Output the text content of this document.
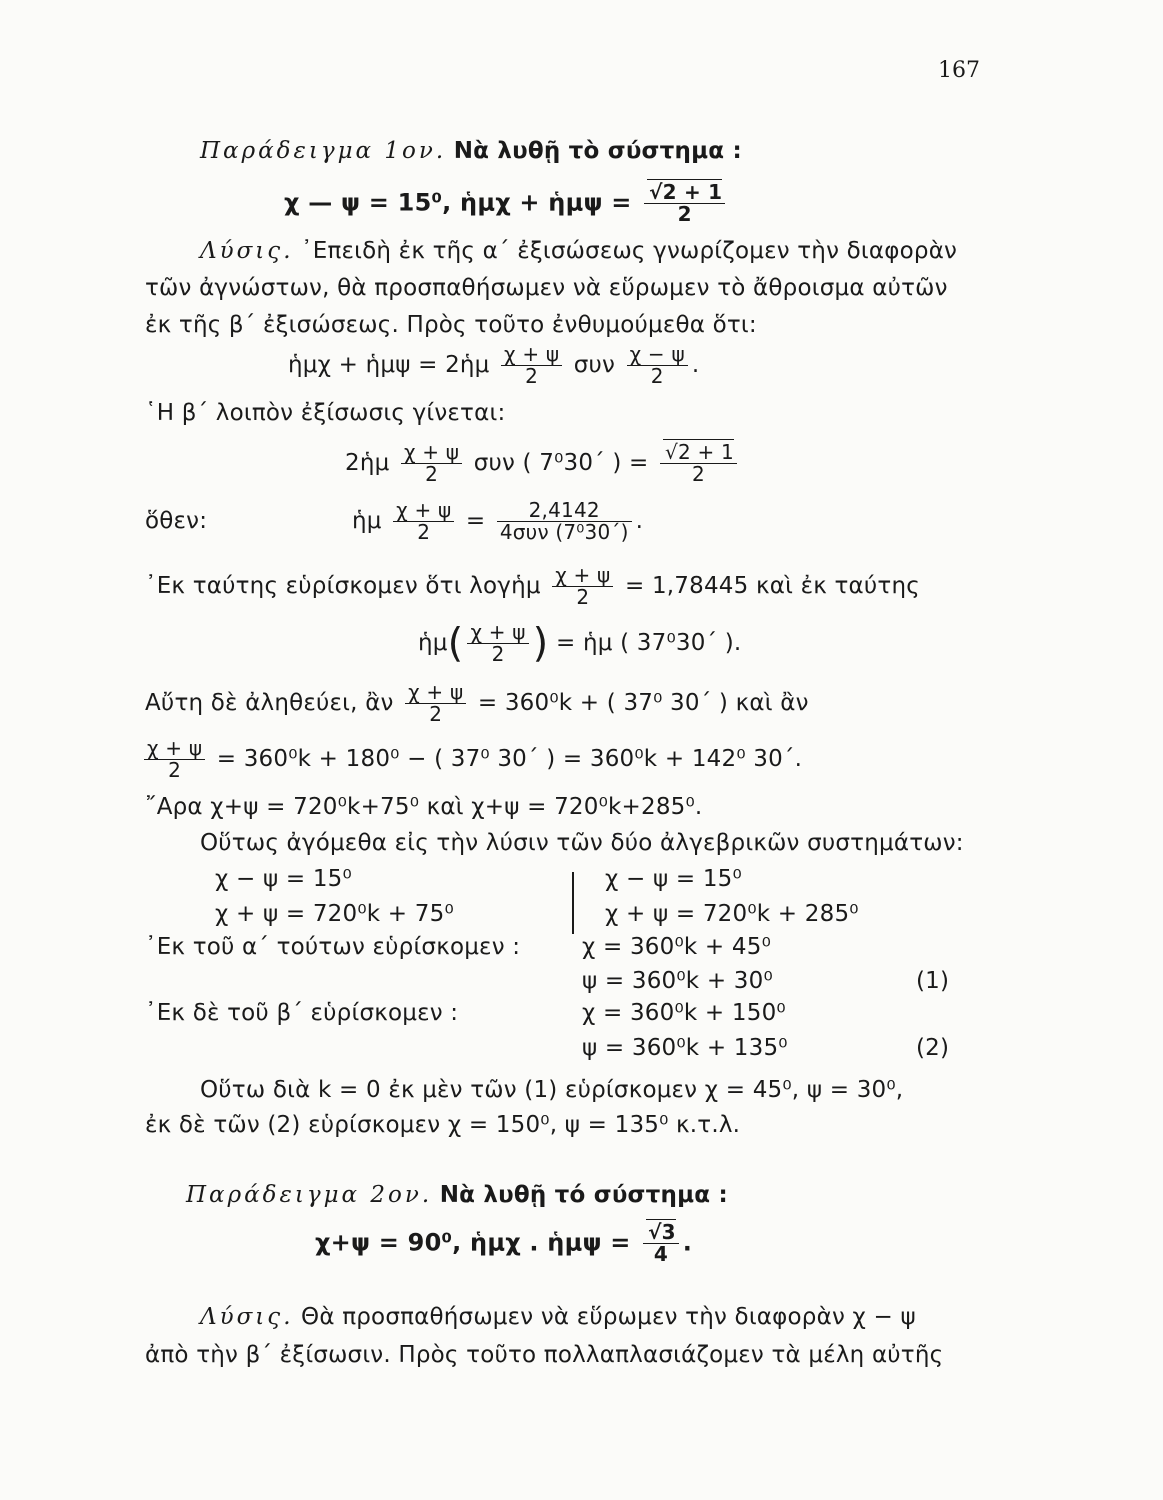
167
Παράδειγμα 1ον. Νὰ λυθῇ τὸ σύστημα :
χ — ψ = 15⁰, ἡμχ + ἡμψ = $\frac{√2 + 1}{2}$
Λύσις. ᾿Επειδὴ ἐκ τῆς α΄ ἐξισώσεως γνωρίζομεν τὴν διαφορὰν
τῶν ἀγνώστων, θὰ προσπαθήσωμεν νὰ εὕρωμεν τὸ ἄθροισμα αὐτῶν
ἐκ τῆς β΄ ἐξισώσεως. Πρὸς τοῦτο ἐνθυμούμεθα ὅτι:
ἡμχ + ἡμψ = 2ἡμ $\frac{\chi + \psi}{2}$ συν $\frac{\chi - \psi}{2}$ .
῾Η β΄ λοιπὸν ἐξίσωσις γίνεται:
2ἡμ $\frac{\chi + \psi}{2}$ συν ( 7⁰30΄ ) = $\frac{√2 + 1}{2}$
ὅθεν:	ἡμ $\frac{\chi + \psi}{2} = \frac{2,4142}{\text{4συν (7⁰30΄)}}$ .
᾿Εκ ταύτης εὑρίσκομεν ὅτι λογἡμ $\frac{\chi + \psi}{2} = 1,78445$ καὶ ἐκ ταύτης
ἡμ( $\frac{\chi + \psi}{2}$ ) = ἡμ ( 37⁰30΄ ).
Αὔτη δὲ ἀληθεύει, ἂν $\frac{\chi + \psi}{2} = 360^0k$ + ( 37⁰ 30΄ ) καὶ ἂν
$\frac{\chi + \psi}{2} = 360^0k + 180^0$ − ( 37⁰ 30΄ ) = 360⁰k + 142⁰ 30΄.
῎Αρα χ+ψ = 720⁰k+75⁰ καὶ χ+ψ = 720⁰k+285⁰.
Οὕτως ἀγόμεθα εἰς τὴν λύσιν τῶν δύο ἀλγεβρικῶν συστημάτων:
χ − ψ = 15⁰
χ + ψ = 720⁰k + 75⁰
χ − ψ = 15⁰
χ + ψ = 720⁰k + 285⁰
᾿Εκ τοῦ α΄ τούτων εὑρίσκομεν :	χ = 360⁰k + 45⁰
ψ = 360⁰k + 30⁰	(1)
᾿Εκ δὲ τοῦ β΄ εὑρίσκομεν :	χ = 360⁰k + 150⁰
ψ = 360⁰k + 135⁰	(2)
Οὕτω διὰ k = 0 ἐκ μὲν τῶν (1) εὑρίσκομεν χ = 45⁰, ψ = 30⁰,
ἐκ δὲ τῶν (2) εὑρίσκομεν χ = 150⁰, ψ = 135⁰ κ.τ.λ.
Παράδειγμα 2ον. Νὰ λυθῇ τό σύστημα :
χ+ψ = 90⁰, ἡμχ . ἡμψ = $\frac{√3}{4}$ .
Λύσις. Θὰ προσπαθήσωμεν νὰ εὕρωμεν τὴν διαφορὰν χ − ψ
ἀπὸ τὴν β΄ ἐξίσωσιν. Πρὸς τοῦτο πολλαπλασιάζομεν τὰ μέλη αὐτῆς
